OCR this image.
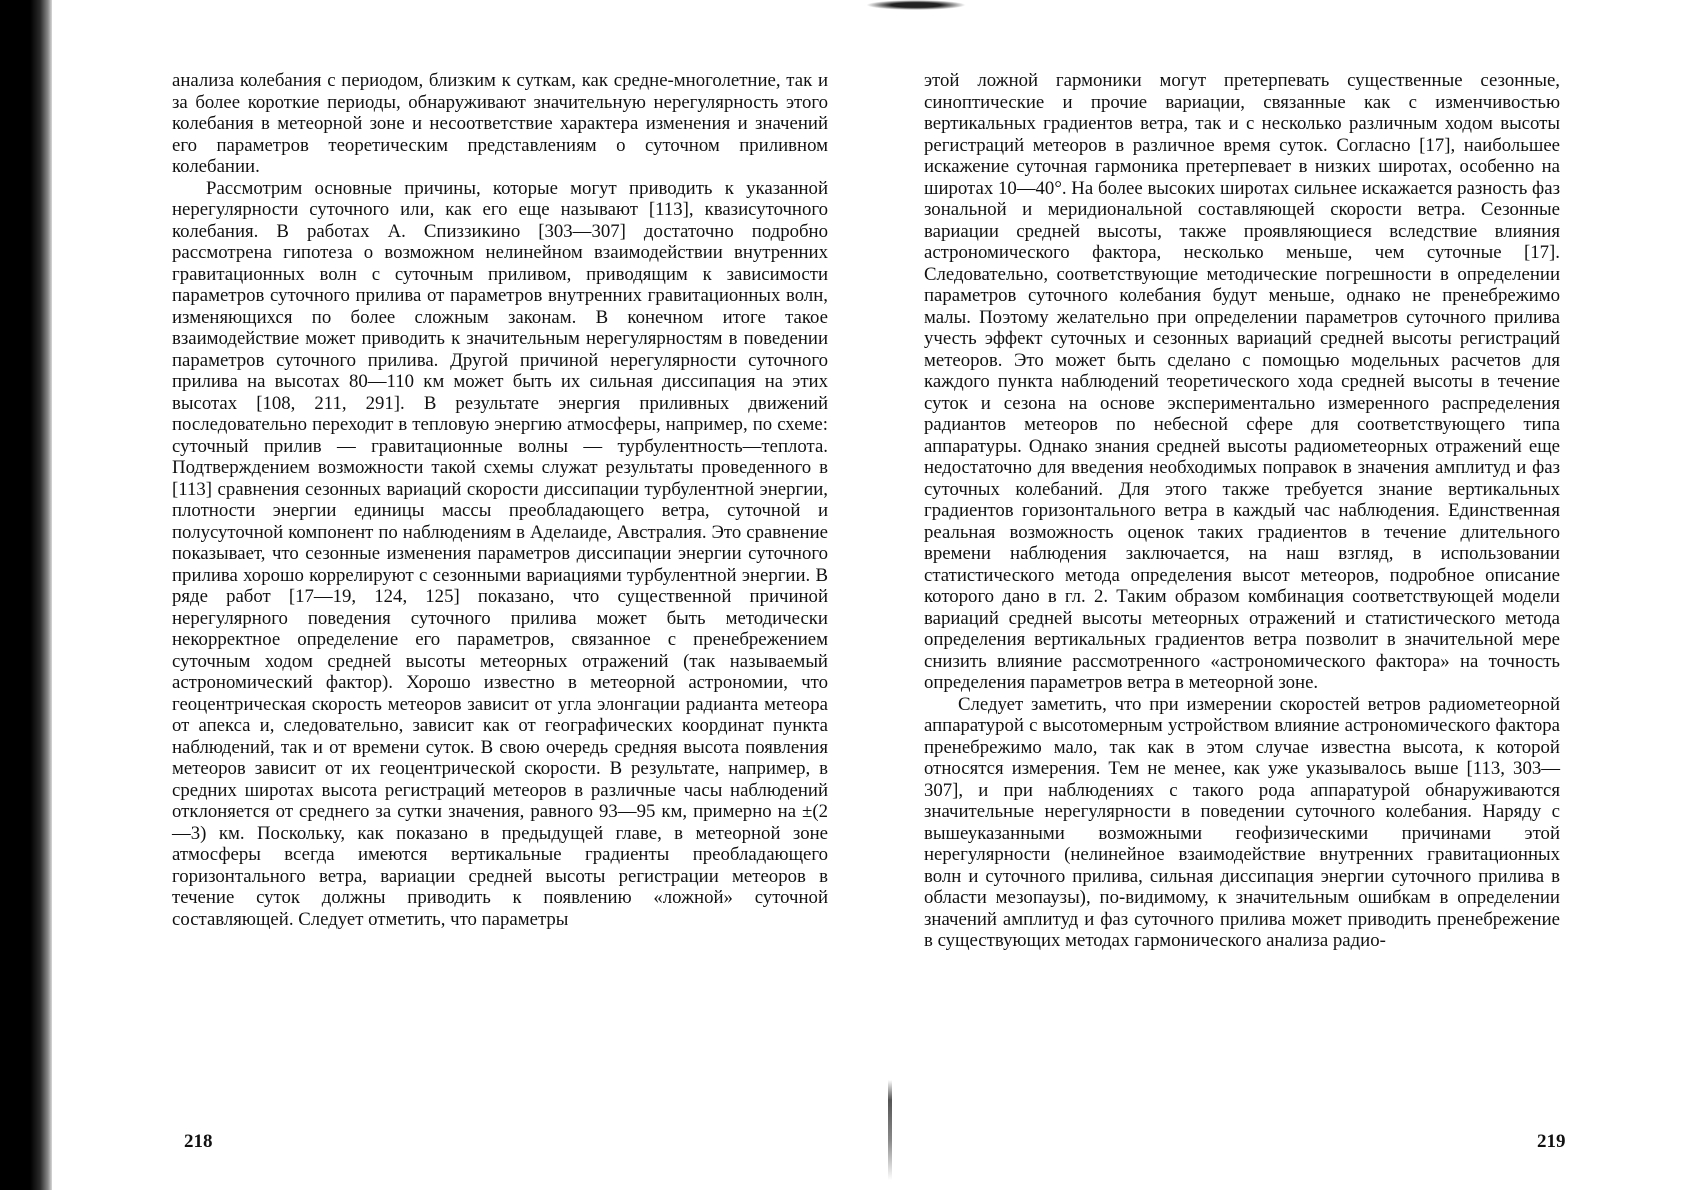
анализа колебания с периодом, близким к суткам, как средне-многолетние, так и за более короткие периоды, обнаруживают значительную нерегулярность этого колебания в метеорной зоне и несоответствие характера изменения и значений его параметров теоретическим представлениям о суточном приливном колебании.

Рассмотрим основные причины, которые могут приводить к указанной нерегулярности суточного или, как его еще называют [113], квазисуточного колебания. В работах А. Спиззикино [303—307] достаточно подробно рассмотрена гипотеза о возможном нелинейном взаимодействии внутренних гравитационных волн с суточным приливом, приводящим к зависимости параметров суточного прилива от параметров внутренних гравитационных волн, изменяющихся по более сложным законам. В конечном итоге такое взаимодействие может приводить к значительным нерегулярностям в поведении параметров суточного прилива. Другой причиной нерегулярности суточного прилива на высотах 80—110 км может быть их сильная диссипация на этих высотах [108, 211, 291]. В результате энергия приливных движений последовательно переходит в тепловую энергию атмосферы, например, по схеме: суточный прилив — гравитационные волны — турбулентность—теплота. Подтверждением возможности такой схемы служат результаты проведенного в [113] сравнения сезонных вариаций скорости диссипации турбулентной энергии, плотности энергии единицы массы преобладающего ветра, суточной и полусуточной компонент по наблюдениям в Аделаиде, Австралия. Это сравнение показывает, что сезонные изменения параметров диссипации энергии суточного прилива хорошо коррелируют с сезонными вариациями турбулентной энергии. В ряде работ [17—19, 124, 125] показано, что существенной причиной нерегулярного поведения суточного прилива может быть методически некорректное определение его параметров, связанное с пренебрежением суточным ходом средней высоты метеорных отражений (так называемый астрономический фактор). Хорошо известно в метеорной астрономии, что геоцентрическая скорость метеоров зависит от угла элонгации радианта метеора от апекса и, следовательно, зависит как от географических координат пункта наблюдений, так и от времени суток. В свою очередь средняя высота появления метеоров зависит от их геоцентрической скорости. В результате, например, в средних широтах высота регистраций метеоров в различные часы наблюдений отклоняется от среднего за сутки значения, равного 93—95 км, примерно на ±(2—3) км. Поскольку, как показано в предыдущей главе, в метеорной зоне атмосферы всегда имеются вертикальные градиенты преобладающего горизонтального ветра, вариации средней высоты регистрации метеоров в течение суток должны приводить к появлению «ложной» суточной составляющей. Следует отметить, что параметры

этой ложной гармоники могут претерпевать существенные сезонные, синоптические и прочие вариации, связанные как с изменчивостью вертикальных градиентов ветра, так и с несколько различным ходом высоты регистраций метеоров в различное время суток. Согласно [17], наибольшее искажение суточная гармоника претерпевает в низких широтах, особенно на широтах 10—40°. На более высоких широтах сильнее искажается разность фаз зональной и меридиональной составляющей скорости ветра. Сезонные вариации средней высоты, также проявляющиеся вследствие влияния астрономического фактора, несколько меньше, чем суточные [17]. Следовательно, соответствующие методические погрешности в определении параметров суточного колебания будут меньше, однако не пренебрежимо малы. Поэтому желательно при определении параметров суточного прилива учесть эффект суточных и сезонных вариаций средней высоты регистраций метеоров. Это может быть сделано с помощью модельных расчетов для каждого пункта наблюдений теоретического хода средней высоты в течение суток и сезона на основе экспериментально измеренного распределения радиантов метеоров по небесной сфере для соответствующего типа аппаратуры. Однако знания средней высоты радиометеорных отражений еще недостаточно для введения необходимых поправок в значения амплитуд и фаз суточных колебаний. Для этого также требуется знание вертикальных градиентов горизонтального ветра в каждый час наблюдения. Единственная реальная возможность оценок таких градиентов в течение длительного времени наблюдения заключается, на наш взгляд, в использовании статистического метода определения высот метеоров, подробное описание которого дано в гл. 2. Таким образом комбинация соответствующей модели вариаций средней высоты метеорных отражений и статистического метода определения вертикальных градиентов ветра позволит в значительной мере снизить влияние рассмотренного «астрономического фактора» на точность определения параметров ветра в метеорной зоне.

Следует заметить, что при измерении скоростей ветров радиометеорной аппаратурой с высотомерным устройством влияние астрономического фактора пренебрежимо мало, так как в этом случае известна высота, к которой относятся измерения. Тем не менее, как уже указывалось выше [113, 303—307], и при наблюдениях с такого рода аппаратурой обнаруживаются значительные нерегулярности в поведении суточного колебания. Наряду с вышеуказанными возможными геофизическими причинами этой нерегулярности (нелинейное взаимодействие внутренних гравитационных волн и суточного прилива, сильная диссипация энергии суточного прилива в области мезопаузы), по-видимому, к значительным ошибкам в определении значений амплитуд и фаз суточного прилива может приводить пренебрежение в существующих методах гармонического анализа радио-

218	219
